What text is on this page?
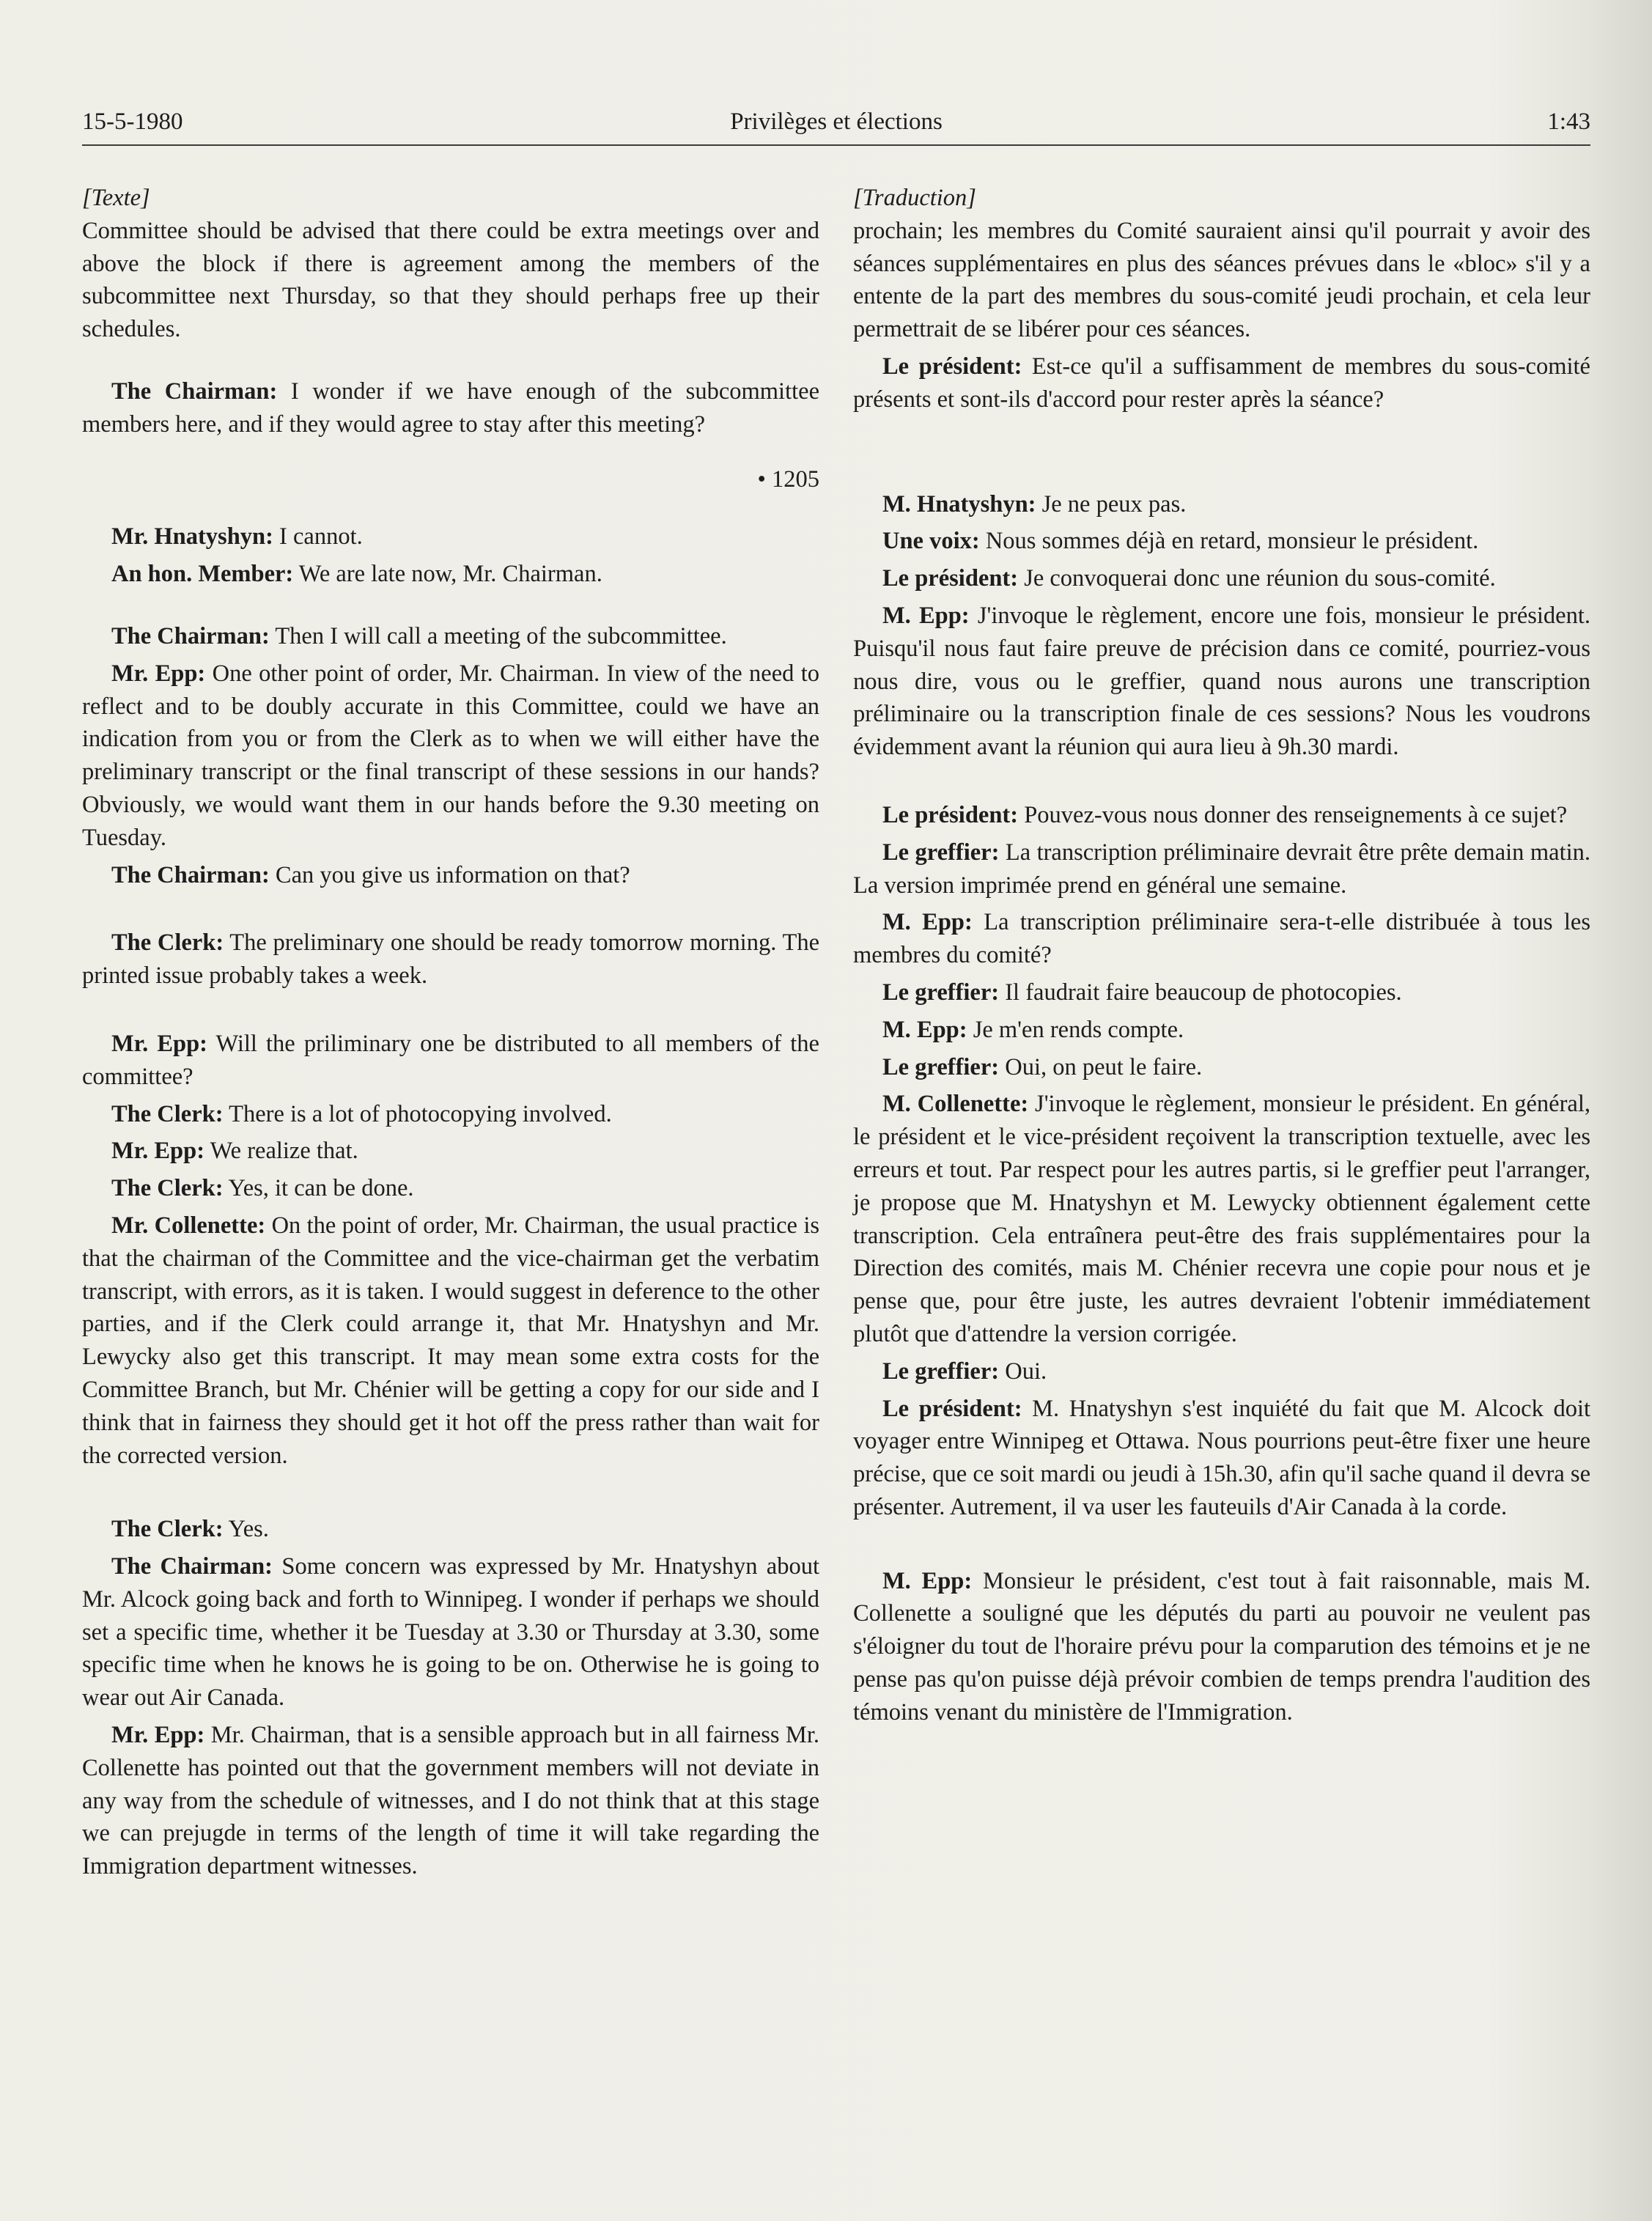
15-5-1980	Privilèges et élections	1:43

[Texte]

Committee should be advised that there could be extra meetings over and above the block if there is agreement among the members of the subcommittee next Thursday, so that they should perhaps free up their schedules.

The Chairman: I wonder if we have enough of the subcommittee members here, and if they would agree to stay after this meeting?

• 1205

Mr. Hnatyshyn: I cannot.

An hon. Member: We are late now, Mr. Chairman.

The Chairman: Then I will call a meeting of the subcommittee.

Mr. Epp: One other point of order, Mr. Chairman. In view of the need to reflect and to be doubly accurate in this Committee, could we have an indication from you or from the Clerk as to when we will either have the preliminary transcript or the final transcript of these sessions in our hands? Obviously, we would want them in our hands before the 9.30 meeting on Tuesday.

The Chairman: Can you give us information on that?

The Clerk: The preliminary one should be ready tomorrow morning. The printed issue probably takes a week.

Mr. Epp: Will the priliminary one be distributed to all members of the committee?

The Clerk: There is a lot of photocopying involved.

Mr. Epp: We realize that.

The Clerk: Yes, it can be done.

Mr. Collenette: On the point of order, Mr. Chairman, the usual practice is that the chairman of the Committee and the vice-chairman get the verbatim transcript, with errors, as it is taken. I would suggest in deference to the other parties, and if the Clerk could arrange it, that Mr. Hnatyshyn and Mr. Lewycky also get this transcript. It may mean some extra costs for the Committee Branch, but Mr. Chénier will be getting a copy for our side and I think that in fairness they should get it hot off the press rather than wait for the corrected version.

The Clerk: Yes.

The Chairman: Some concern was expressed by Mr. Hnatyshyn about Mr. Alcock going back and forth to Winnipeg. I wonder if perhaps we should set a specific time, whether it be Tuesday at 3.30 or Thursday at 3.30, some specific time when he knows he is going to be on. Otherwise he is going to wear out Air Canada.

Mr. Epp: Mr. Chairman, that is a sensible approach but in all fairness Mr. Collenette has pointed out that the government members will not deviate in any way from the schedule of witnesses, and I do not think that at this stage we can prejugde in terms of the length of time it will take regarding the Immigration department witnesses.

[Traduction]

prochain; les membres du Comité sauraient ainsi qu'il pourrait y avoir des séances supplémentaires en plus des séances prévues dans le «bloc» s'il y a entente de la part des membres du sous-comité jeudi prochain, et cela leur permettrait de se libérer pour ces séances.

Le président: Est-ce qu'il a suffisamment de membres du sous-comité présents et sont-ils d'accord pour rester après la séance?

M. Hnatyshyn: Je ne peux pas.

Une voix: Nous sommes déjà en retard, monsieur le président.

Le président: Je convoquerai donc une réunion du sous-comité.

M. Epp: J'invoque le règlement, encore une fois, monsieur le président. Puisqu'il nous faut faire preuve de précision dans ce comité, pourriez-vous nous dire, vous ou le greffier, quand nous aurons une transcription préliminaire ou la transcription finale de ces sessions? Nous les voudrons évidemment avant la réunion qui aura lieu à 9h.30 mardi.

Le président: Pouvez-vous nous donner des renseignements à ce sujet?

Le greffier: La transcription préliminaire devrait être prête demain matin. La version imprimée prend en général une semaine.

M. Epp: La transcription préliminaire sera-t-elle distribuée à tous les membres du comité?

Le greffier: Il faudrait faire beaucoup de photocopies.

M. Epp: Je m'en rends compte.

Le greffier: Oui, on peut le faire.

M. Collenette: J'invoque le règlement, monsieur le président. En général, le président et le vice-président reçoivent la transcription textuelle, avec les erreurs et tout. Par respect pour les autres partis, si le greffier peut l'arranger, je propose que M. Hnatyshyn et M. Lewycky obtiennent également cette transcription. Cela entraînera peut-être des frais supplémentaires pour la Direction des comités, mais M. Chénier recevra une copie pour nous et je pense que, pour être juste, les autres devraient l'obtenir immédiatement plutôt que d'attendre la version corrigée.

Le greffier: Oui.

Le président: M. Hnatyshyn s'est inquiété du fait que M. Alcock doit voyager entre Winnipeg et Ottawa. Nous pourrions peut-être fixer une heure précise, que ce soit mardi ou jeudi à 15h.30, afin qu'il sache quand il devra se présenter. Autrement, il va user les fauteuils d'Air Canada à la corde.

M. Epp: Monsieur le président, c'est tout à fait raisonnable, mais M. Collenette a souligné que les députés du parti au pouvoir ne veulent pas s'éloigner du tout de l'horaire prévu pour la comparution des témoins et je ne pense pas qu'on puisse déjà prévoir combien de temps prendra l'audition des témoins venant du ministère de l'Immigration.
